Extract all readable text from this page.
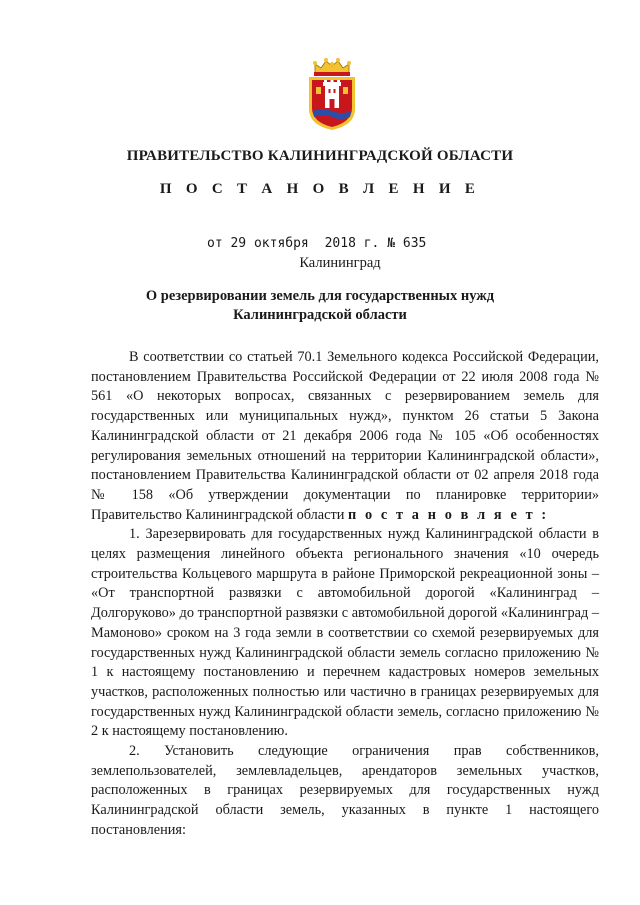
ПРАВИТЕЛЬСТВО КАЛИНИНГРАДСКОЙ ОБЛАСТИ
П О С Т А Н О В Л Е Н И Е
от 29 октября 2018 г. № 635
Калининград
О резервировании земель для государственных нужд
Калининградской области

В соответствии со статьей 70.1 Земельного кодекса Российской Федерации, постановлением Правительства Российской Федерации от 22 июля 2008 года № 561 «О некоторых вопросах, связанных с резервированием земель для государственных или муниципальных нужд», пунктом 26 статьи 5 Закона Калининградской области от 21 декабря 2006 года № 105 «Об особенностях регулирования земельных отношений на территории Калининградской области», постановлением Правительства Калининградской области от 02 апреля 2018 года № 158 «Об утверждении документации по планировке территории» Правительство Калининградской области п о с т а н о в л я е т :

1. Зарезервировать для государственных нужд Калининградской области в целях размещения линейного объекта регионального значения «10 очередь строительства Кольцевого маршрута в районе Приморской рекреационной зоны – «От транспортной развязки с автомобильной дорогой «Калининград – Долгоруково» до транспортной развязки с автомобильной дорогой «Калининград – Мамоново» сроком на 3 года земли в соответствии со схемой резервируемых для государственных нужд Калининградской области земель согласно приложению № 1 к настоящему постановлению и перечнем кадастровых номеров земельных участков, расположенных полностью или частично в границах резервируемых для государственных нужд Калининградской области земель, согласно приложению № 2 к настоящему постановлению.

2. Установить следующие ограничения прав собственников, землепользователей, землевладельцев, арендаторов земельных участков, расположенных в границах резервируемых для государственных нужд Калининградской области земель, указанных в пункте 1 настоящего постановления:
